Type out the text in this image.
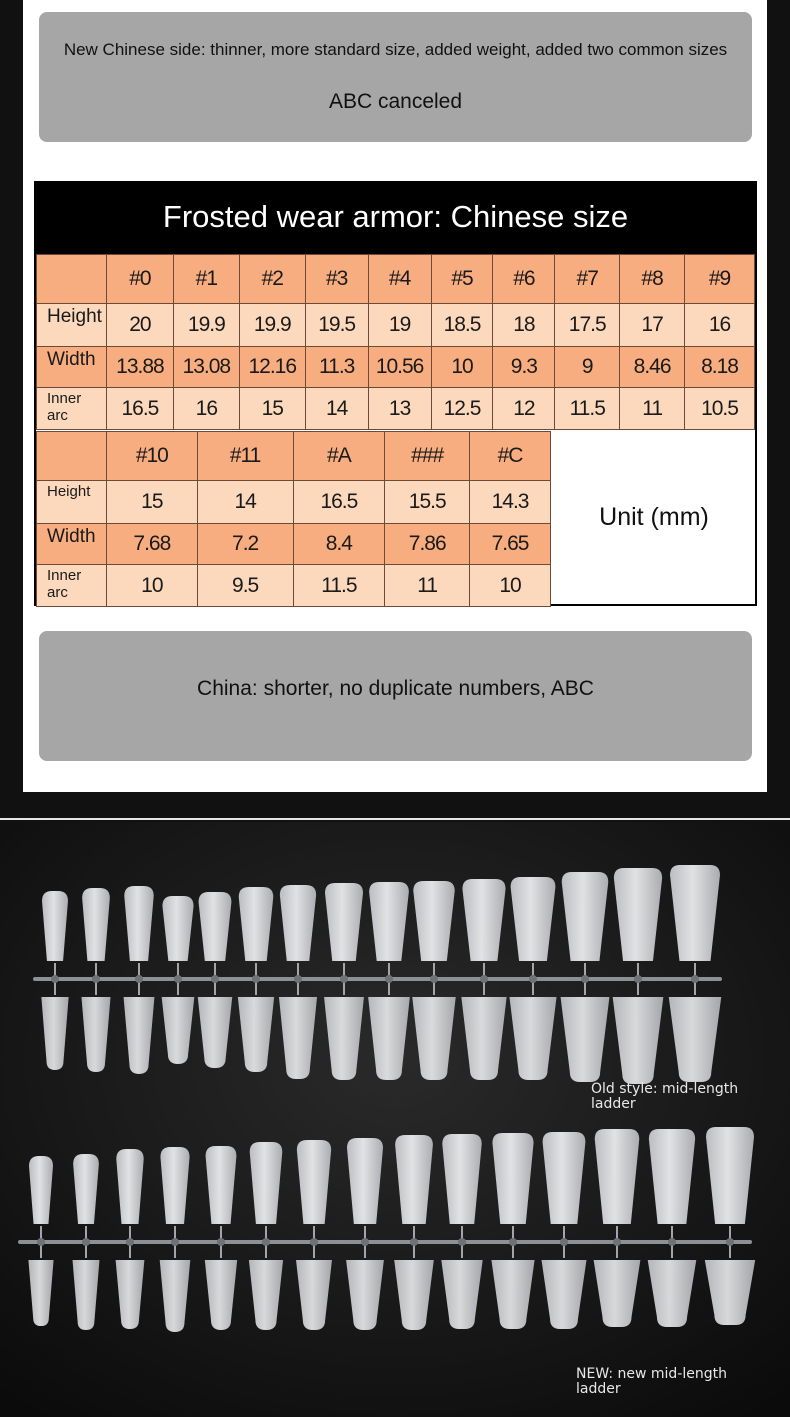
New Chinese side: thinner, more standard size, added weight, added two common sizes
ABC canceled
Frosted wear armor: Chinese size
	#0	#1	#2	#3	#4	#5	#6	#7	#8	#9
Height	20	19.9	19.9	19.5	19	18.5	18	17.5	17	16
Width	13.88	13.08	12.16	11.3	10.56	10	9.3	9	8.46	8.18
Inner arc	16.5	16	15	14	13	12.5	12	11.5	11	10.5
	#10	#11	#A	###	#C
Height	15	14	16.5	15.5	14.3
Width	7.68	7.2	8.4	7.86	7.65
Inner arc	10	9.5	11.5	11	10
Unit (mm)
China: shorter, no duplicate numbers, ABC
Old style: mid-length
ladder
NEW: new mid-length
ladder
